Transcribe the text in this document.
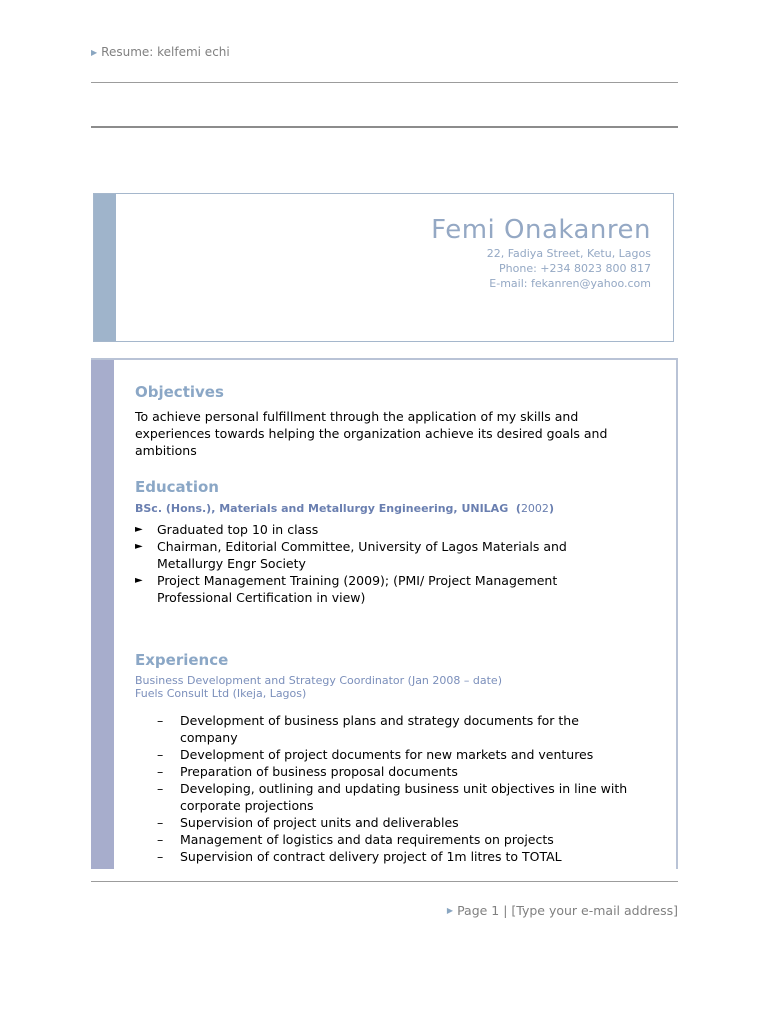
▶ Resume: kelfemi echi
Femi Onakanren
22, Fadiya Street, Ketu, Lagos
Phone: +234 8023 800 817
E-mail: fekanren@yahoo.com
Objectives

To achieve personal fulfillment through the application of my skills and experiences towards helping the organization achieve its desired goals and ambitions

Education

BSc. (Hons.), Materials and Metallurgy Engineering, UNILAG (2002)

► Graduated top 10 in class
► Chairman, Editorial Committee, University of Lagos Materials and Metallurgy Engr Society
► Project Management Training (2009); (PMI/ Project Management Professional Certification in view)
Experience

Business Development and Strategy Coordinator (Jan 2008 – date)

Fuels Consult Ltd (Ikeja, Lagos)

– Development of business plans and strategy documents for the company
– Development of project documents for new markets and ventures
– Preparation of business proposal documents
– Developing, outlining and updating business unit objectives in line with corporate projections
– Supervision of project units and deliverables
– Management of logistics and data requirements on projects
– Supervision of contract delivery project of 1m litres to TOTAL
▶ Page 1 | [Type your e-mail address]
